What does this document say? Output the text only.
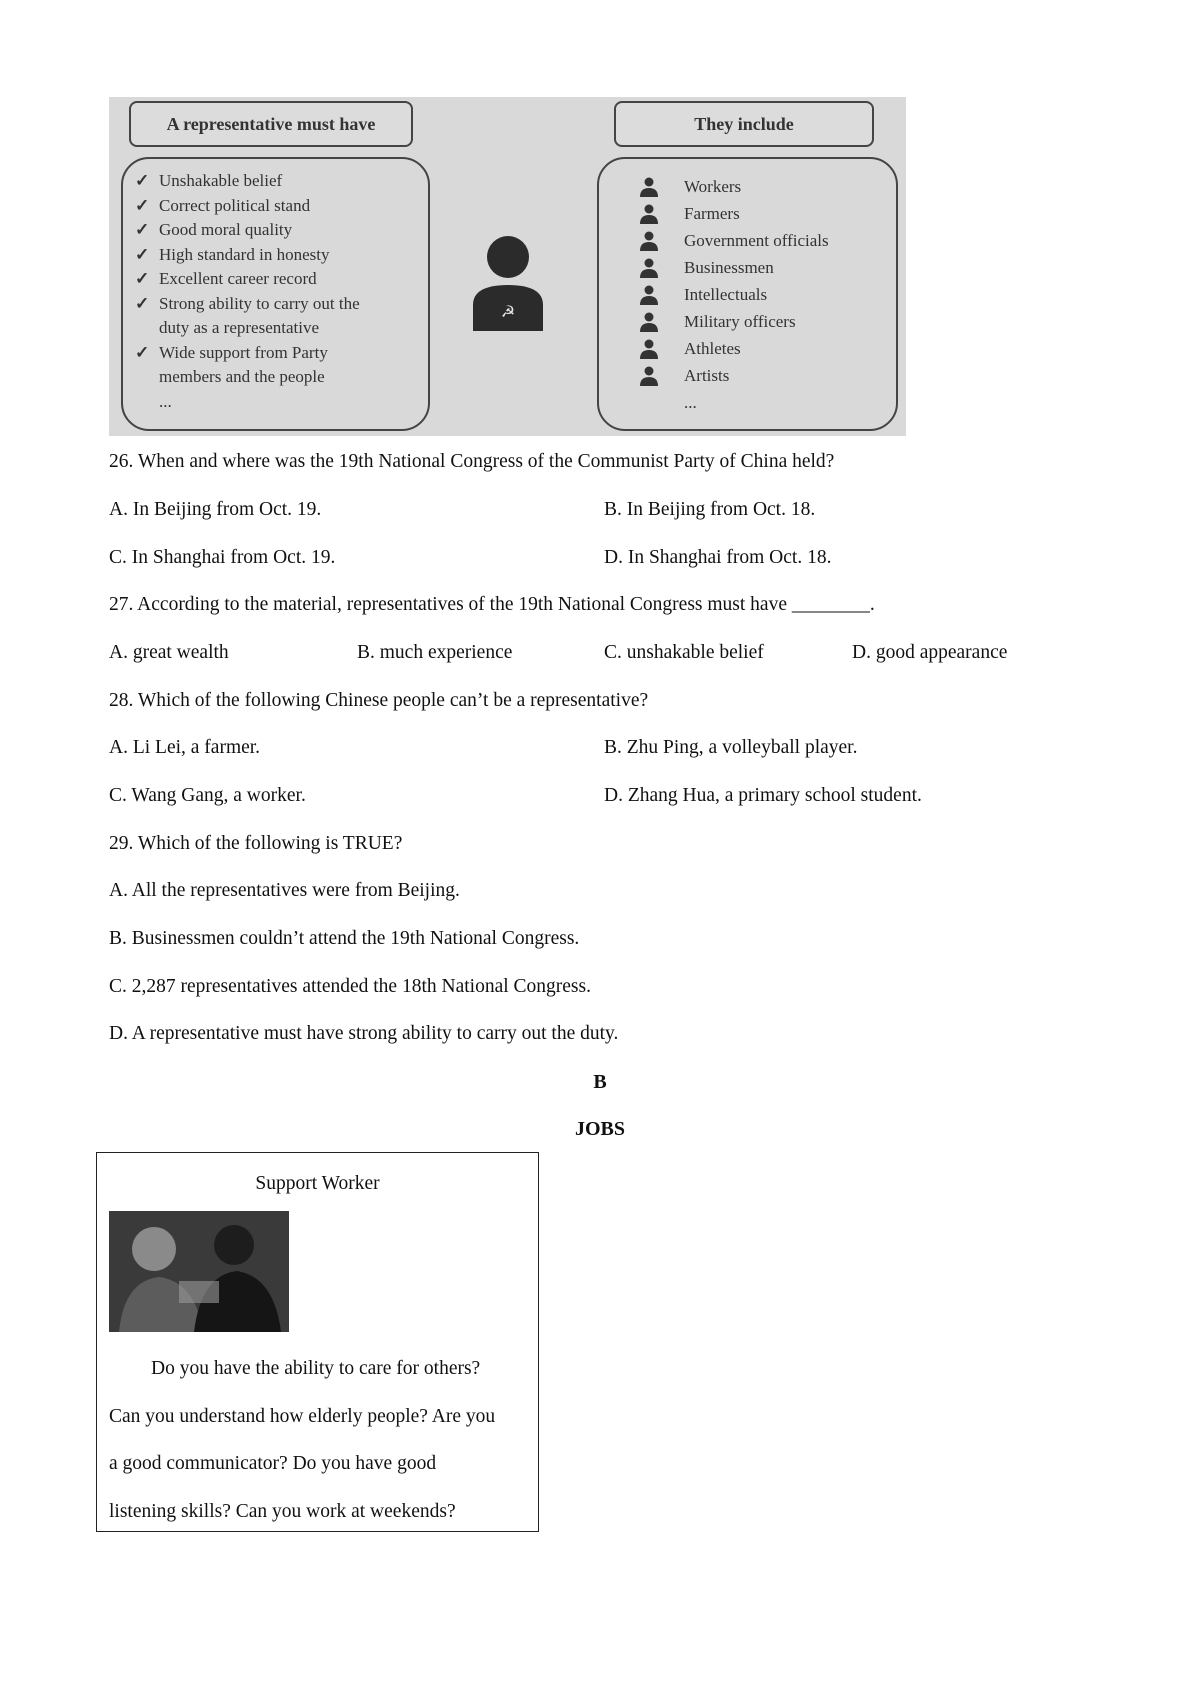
A representative must have	They include
✓ Unshakable belief
✓ Correct political stand
✓ Good moral quality
✓ High standard in honesty
✓ Excellent career record
✓ Strong ability to carry out the
duty as a representative
✓ Wide support from Party
members and the people
...
☭
Workers
Farmers
Government officials
Businessmen
Intellectuals
Military officers
Athletes
Artists
...
26. When and where was the 19th National Congress of the Communist Party of China held?
A. In Beijing from Oct. 19.	B. In Beijing from Oct. 18.
C. In Shanghai from Oct. 19.	D. In Shanghai from Oct. 18.
27. According to the material, representatives of the 19th National Congress must have ________.
A. great wealth	B. much experience	C. unshakable belief	D. good appearance
28. Which of the following Chinese people can’t be a representative?
A. Li Lei, a farmer.	B. Zhu Ping, a volleyball player.
C. Wang Gang, a worker.	D. Zhang Hua, a primary school student.
29. Which of the following is TRUE?
A. All the representatives were from Beijing.
B. Businessmen couldn’t attend the 19th National Congress.
C. 2,287 representatives attended the 18th National Congress.
D. A representative must have strong ability to carry out the duty.
B
JOBS
Support Worker
Do you have the ability to care for others?
Can you understand how elderly people? Are you
a good communicator? Do you have good
listening skills? Can you work at weekends?
